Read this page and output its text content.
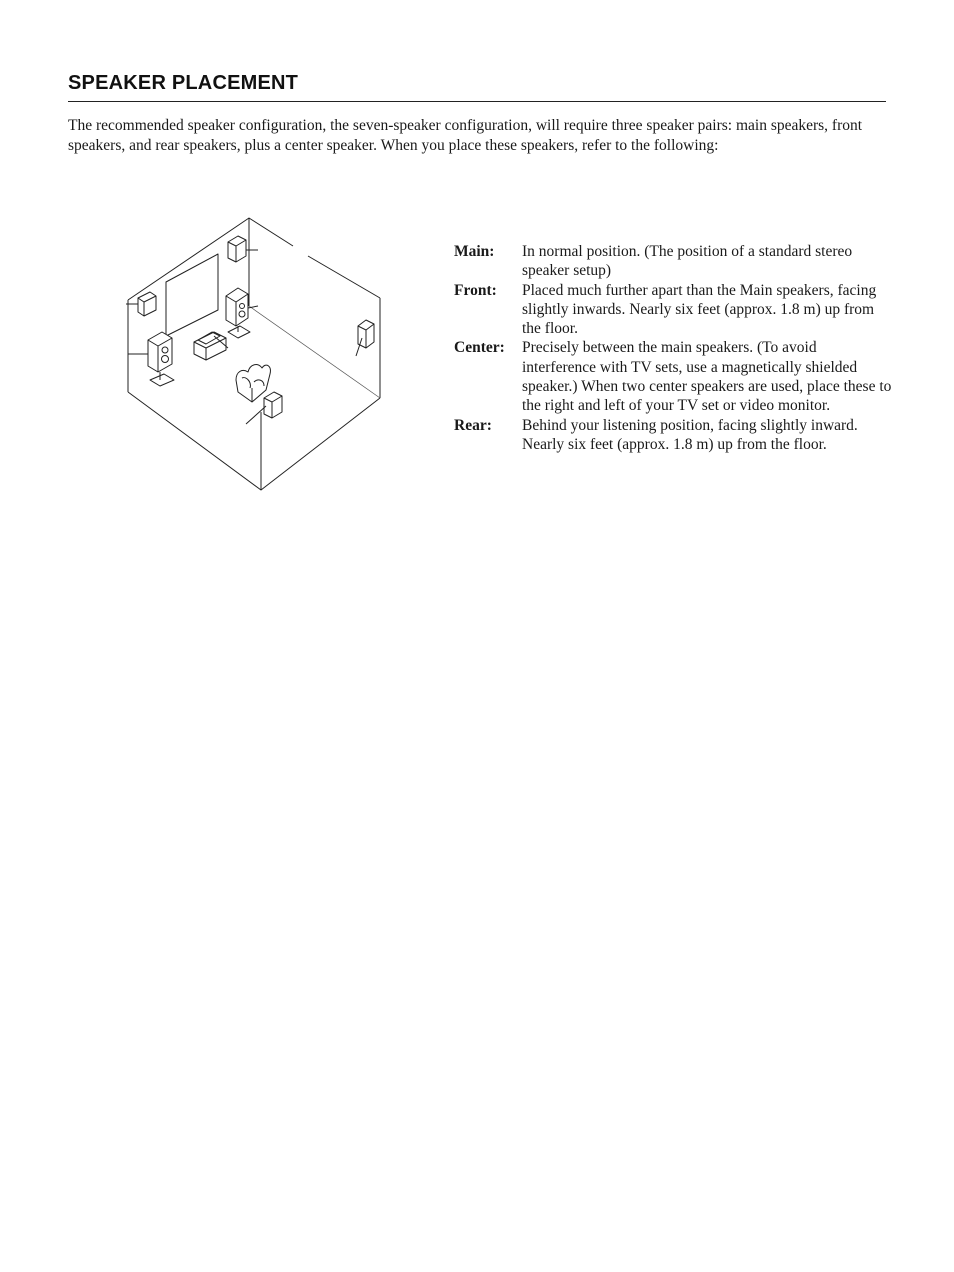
SPEAKER PLACEMENT

The recommended speaker configuration, the seven-speaker configuration, will require three speaker pairs: main speakers, front speakers, and rear speakers, plus a center speaker. When you place these speakers, refer to the following:

Main:	In normal position. (The position of a standard stereo speaker setup)
Front:	Placed much further apart than the Main speakers, facing slightly inwards. Nearly six feet (approx. 1.8 m) up from the floor.
Center:	Precisely between the main speakers. (To avoid interference with TV sets, use a magnetically shielded speaker.) When two center speakers are used, place these to the right and left of your TV set or video monitor.
Rear:	Behind your listening position, facing slightly inward. Nearly six feet (approx. 1.8 m) up from the floor.
